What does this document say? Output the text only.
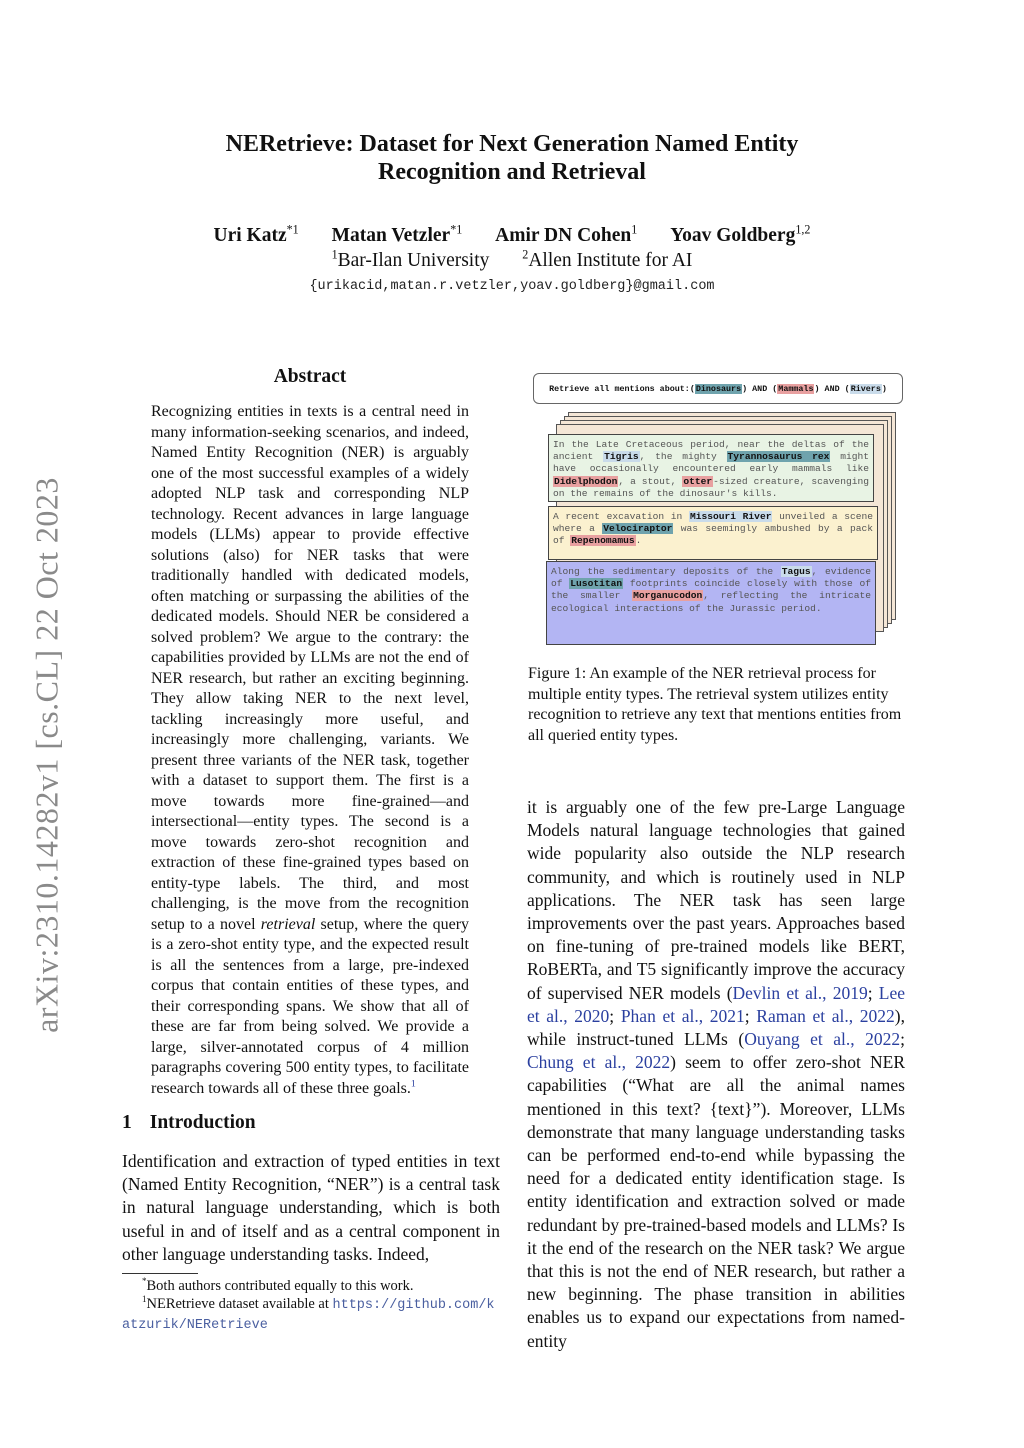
arXiv:2310.14282v1 [cs.CL] 22 Oct 2023
NERetrieve: Dataset for Next Generation Named Entity
Recognition and Retrieval
Uri Katz$^{*1}$ Matan Vetzler$^{*1}$ Amir DN Cohen$^1$ Yoav Goldberg$^{1,2}$
$^1$Bar-Ilan University	$^2$Allen Institute for AI
{urikacid,matan.r.vetzler,yoav.goldberg}@gmail.com
Abstract
Recognizing entities in texts is a central need in many information-seeking scenarios, and indeed, Named Entity Recognition (NER) is arguably one of the most successful examples of a widely adopted NLP task and corresponding NLP technology. Recent advances in large language models (LLMs) appear to provide effective solutions (also) for NER tasks that were traditionally handled with dedicated models, often matching or surpassing the abilities of the dedicated models. Should NER be considered a solved problem? We argue to the contrary: the capabilities provided by LLMs are not the end of NER research, but rather an exciting beginning. They allow taking NER to the next level, tackling increasingly more useful, and increasingly more challenging, variants. We present three variants of the NER task, together with a dataset to support them. The first is a move towards more fine-grained—and intersectional—entity types. The second is a move towards zero-shot recognition and extraction of these fine-grained types based on entity-type labels. The third, and most challenging, is the move from the recognition setup to a novel retrieval setup, where the query is a zero-shot entity type, and the expected result is all the sentences from a large, pre-indexed corpus that contain entities of these types, and their corresponding spans. We show that all of these are far from being solved. We provide a large, silver-annotated corpus of 4 million paragraphs covering 500 entity types, to facilitate research towards all of these three goals.$^1$
1 Introduction
Identification and extraction of typed entities in text (Named Entity Recognition, “NER”) is a central task in natural language understanding, which is both useful in and of itself and as a central component in other language understanding tasks. Indeed,
*Both authors contributed equally to this work.
$^1$NERetrieve dataset available at https://github.com/katzurik/NERetrieve
Retrieve all mentions about:( Dinosaurs ) AND ( Mammals ) AND ( Rivers )
In the Late Cretaceous period, near the deltas of the ancient Tigris, the mighty Tyrannosaurus rex might have occasionally encountered early mammals like Didelphodon, a stout, otter-sized creature, scavenging on the remains of the dinosaur's kills.
A recent excavation in Missouri River unveiled a scene where a Velociraptor was seemingly ambushed by a pack of Repenomamus.
Along the sedimentary deposits of the Tagus, evidence of Lusotitan footprints coincide closely with those of the smaller Morganucodon, reflecting the intricate ecological interactions of the Jurassic period.
Figure 1: An example of the NER retrieval process for multiple entity types. The retrieval system utilizes entity recognition to retrieve any text that mentions entities from all queried entity types.
it is arguably one of the few pre-Large Language Models natural language technologies that gained wide popularity also outside the NLP research community, and which is routinely used in NLP applications. The NER task has seen large improvements over the past years. Approaches based on fine-tuning of pre-trained models like BERT, RoBERTa, and T5 significantly improve the accuracy of supervised NER models (Devlin et al., 2019; Lee et al., 2020; Phan et al., 2021; Raman et al., 2022), while instruct-tuned LLMs (Ouyang et al., 2022; Chung et al., 2022) seem to offer zero-shot NER capabilities (“What are all the animal names mentioned in this text? {text}”). Moreover, LLMs demonstrate that many language understanding tasks can be performed end-to-end while bypassing the need for a dedicated entity identification stage. Is entity identification and extraction solved or made redundant by pre-trained-based models and LLMs? Is it the end of the research on the NER task? We argue that this is not the end of NER research, but rather a new beginning. The phase transition in abilities enables us to expand our expectations from named-entity
